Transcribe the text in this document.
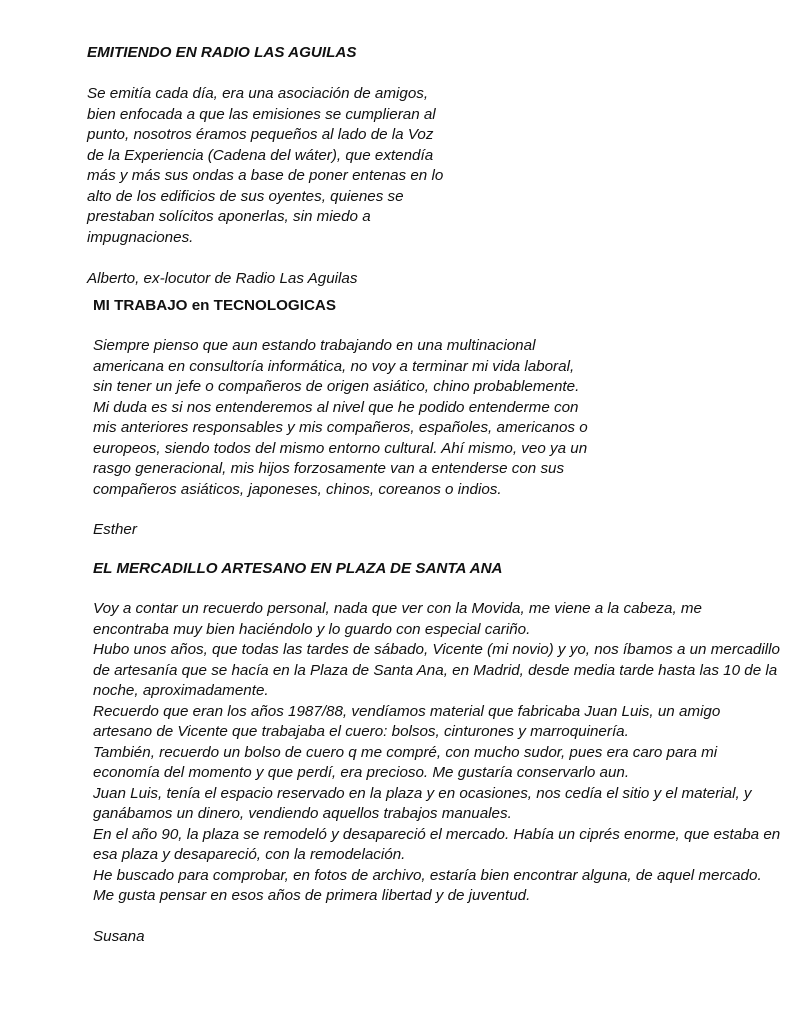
EMITIENDO EN RADIO LAS AGUILAS

Se emitía cada día, era una asociación de amigos,
bien enfocada a que las emisiones se cumplieran al
punto, nosotros éramos pequeños al lado de la Voz
de la Experiencia (Cadena del wáter), que extendía
más y más sus ondas a base de poner entenas en lo
alto de los edificios de sus oyentes, quienes se
prestaban solícitos aponerlas, sin miedo a
impugnaciones.

Alberto, ex-locutor de Radio Las Aguilas

MI TRABAJO en TECNOLOGICAS

Siempre pienso que aun estando trabajando en una multinacional
americana en consultoría informática, no voy a terminar mi vida laboral,
sin tener un jefe o compañeros de origen asiático, chino probablemente.
Mi duda es si nos entenderemos al nivel que he podido entenderme con
mis anteriores responsables y mis compañeros, españoles, americanos o
europeos, siendo todos del mismo entorno cultural. Ahí mismo, veo ya un
rasgo generacional, mis hijos forzosamente van a entenderse con sus
compañeros asiáticos, japoneses, chinos, coreanos o indios.

Esther

EL MERCADILLO ARTESANO EN PLAZA DE SANTA ANA

Voy a contar un recuerdo personal, nada que ver con la Movida, me viene a la cabeza, me
encontraba muy bien haciéndolo y lo guardo con especial cariño.
Hubo unos años, que todas las tardes de sábado, Vicente (mi novio) y yo, nos íbamos a un mercadillo
de artesanía que se hacía en la Plaza de Santa Ana, en Madrid, desde media tarde hasta las 10 de la
noche, aproximadamente.
Recuerdo que eran los años 1987/88, vendíamos material que fabricaba Juan Luis, un amigo
artesano de Vicente que trabajaba el cuero: bolsos, cinturones y marroquinería.
También, recuerdo un bolso de cuero q me compré, con mucho sudor, pues era caro para mi
economía del momento y que perdí, era precioso. Me gustaría conservarlo aun.
Juan Luis, tenía el espacio reservado en la plaza y en ocasiones, nos cedía el sitio y el material, y
ganábamos un dinero, vendiendo aquellos trabajos manuales.
En el año 90, la plaza se remodeló y desapareció el mercado. Había un ciprés enorme, que estaba en
esa plaza y desapareció, con la remodelación.
He buscado para comprobar, en fotos de archivo, estaría bien encontrar alguna, de aquel mercado.
Me gusta pensar en esos años de primera libertad y de juventud.

Susana
